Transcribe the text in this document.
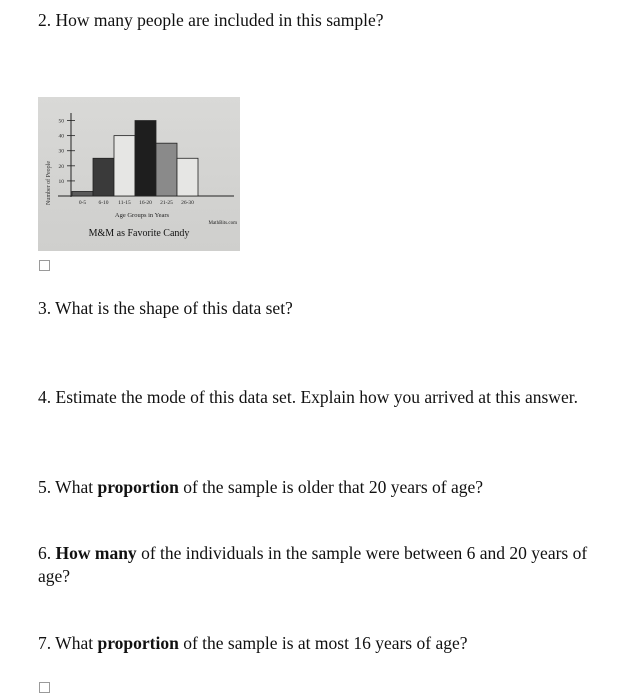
2. How many people are included in this sample?

Number of People 10
20
30
40
50
0-5 6-10 11-15 16-20 21-25 26-30
Age Groups in Years
MathBits.com
M&M as Favorite Candy

3. What is the shape of this data set?

4. Estimate the mode of this data set. Explain how you arrived at this answer.

5. What proportion of the sample is older that 20 years of age?

6. How many of the individuals in the sample were between 6 and 20 years of age?

7. What proportion of the sample is at most 16 years of age?
